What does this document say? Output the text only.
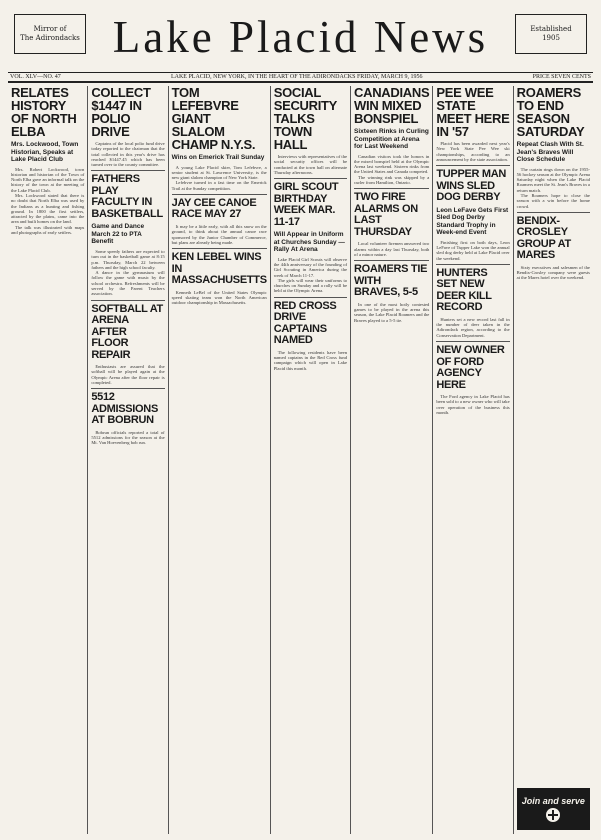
Mirror of
The Adirondacks Lake Placid News	Established
1905
VOL. XLV—NO. 47	LAKE PLACID, NEW YORK, IN THE HEART OF THE ADIRONDACKS FRIDAY, MARCH 9, 1956	PRICE SEVEN CENTS
RELATES HISTORY OF NORTH ELBA
Mrs. Lockwood, Town Historian, Speaks at Lake Placid Club

Mrs. Robert Lockwood, town historian and historian of the Town of North Elba gave an informal talk on the history of the town at the meeting of the Lake Placid Club.

Mrs. Lockwood stated that there is no doubt that North Elba was used by the Indians as a hunting and fishing ground. In 1800 the first settlers, attracted by the plains, came into the area and built homes on the land.

The talk was illustrated with maps and photographs of early settlers.

COLLECT $1447 IN POLIO DRIVE

Captains of the local polio fund drive today reported to the chairman that the total collected in this year's drive has reached $1447.45 which has been turned over to the county committee.

FATHERS PLAY FACULTY IN BASKETBALL
Game and Dance March 22 to PTA Benefit

Some speedy fathers are expected to turn out in the basketball game at 8:15 p.m. Thursday, March 22 between fathers and the high school faculty.

A dance in the gymnasium will follow the game with music by the school orchestra. Refreshments will be served by the Parent Teachers association.

SOFTBALL AT ARENA AFTER FLOOR REPAIR

Enthusiasts are assured that the softball will be played again at the Olympic Arena after the floor repair is completed.

5512 ADMISSIONS AT BOBRUN

Bobrun officials reported a total of 5512 admissions for the season at the Mt. Van Hoevenberg bob run.

TOM LEFEBVRE GIANT SLALOM CHAMP N.Y.S.
Wins on Emerick Trail Sunday

A young Lake Placid skier, Tom Lefebvre, a senior student at St. Lawrence University, is the new giant slalom champion of New York State.

Lefebvre turned in a fast time on the Emerick Trail at the Sunday competition.

JAY CEE CANOE RACE MAY 27

It may be a little early, with all this snow on the ground, to think about the annual canoe race sponsored by the Junior Chamber of Commerce, but plans are already being made.

KEN LEBEL WINS IN MASSACHUSETTS

Kenneth LeBel of the United States Olympic speed skating team won the North American outdoor championship in Massachusetts.

SOCIAL SECURITY TALKS TOWN HALL

Interviews with representatives of the social security offices will be conducted at the town hall on alternate Thursday afternoons.

GIRL SCOUT BIRTHDAY WEEK MAR. 11-17
Will Appear in Uniform at Churches Sunday — Rally At Arena

Lake Placid Girl Scouts will observe the 44th anniversary of the founding of Girl Scouting in America during the week of March 11-17.

The girls will wear their uniforms to churches on Sunday and a rally will be held at the Olympic Arena.

RED CROSS DRIVE CAPTAINS NAMED

The following residents have been named captains in the Red Cross fund campaign which will open in Lake Placid this month.

CANADIANS WIN MIXED BONSPIEL
Sixteen Rinks in Curling Competition at Arena for Last Weekend

Canadian visitors took the honors in the mixed bonspiel held at the Olympic Arena last weekend. Sixteen rinks from the United States and Canada competed.

The winning rink was skipped by a curler from Hamilton, Ontario.

TWO FIRE ALARMS ON LAST THURSDAY

Local volunteer firemen answered two alarms within a day last Thursday, both of a minor nature.

ROAMERS TIE WITH BRAVES, 5-5

In one of the most hotly contested games to be played in the arena this season, the Lake Placid Roamers and the Braves played to a 5-5 tie.

PEE WEE STATE MEET HERE IN '57

Placid has been awarded next year's New York State Pee Wee ski championships, according to an announcement by the state association.

TUPPER MAN WINS SLED DOG DERBY
Leon LeFave Gets First Sled Dog Derby Standard Trophy in Week-end Event

Finishing first on both days, Leon LeFave of Tupper Lake won the annual sled dog derby held at Lake Placid over the weekend.

HUNTERS SET NEW DEER KILL RECORD

Hunters set a new record last fall in the number of deer taken in the Adirondack region, according to the Conservation Department.

NEW OWNER OF FORD AGENCY HERE

The Ford agency in Lake Placid has been sold to a new owner who will take over operation of the business this month.

ROAMERS TO END SEASON SATURDAY
Repeat Clash With St. Jean's Braves Will Close Schedule

The curtain rings down on the 1955-56 hockey season at the Olympic Arena Saturday night when the Lake Placid Roamers meet the St. Jean's Braves in a return match.

The Roamers hope to close the season with a win before the home crowd.

BENDIX-CROSLEY GROUP AT MARES

Sixty executives and salesmen of the Bendix-Crosley company were guests at the Mares hotel over the weekend.

Join and serve
